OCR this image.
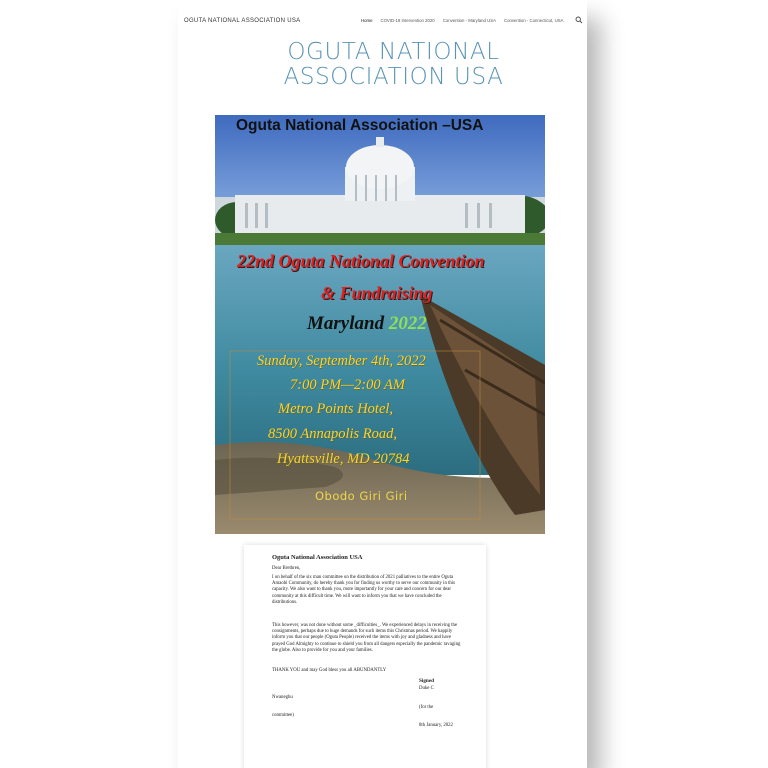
OGUTA NATIONAL ASSOCIATION USA	Home COVID-19 Intervention 2020 Convention - Maryland USA Convention - Connecticut, USA
OGUTA NATIONAL
ASSOCIATION USA
Oguta National Association –USA
22nd Oguta National Convention
& Fundraising
Maryland 2022
Sunday, September 4th, 2022
7:00 PM—2:00 AM
Metro Points Hotel,
8500 Annapolis Road,
Hyattsville, MD 20784
Obodo Giri Giri
Oguta National Association USA
Dear Brethren,
I on behalf of the six man committee on the distribution of 2021 palliatives to the entire Oguta Amaobi Community, do hereby thank you for finding us worthy to serve our community in this capacity. We also want to thank you, more importantly for your care and concern for our dear community at this difficult time. We will want to inform you that we have concluded the distributions.
This however, was not done without some _difficulties_. We experienced delays in receiving the consignments, perhaps due to huge demands for such items this Christmas period. We happily inform you that our people (Oguta People) received the items with joy and gladness and have prayed God Almighty to continue to shield you from all dangers especially the pandemic ravaging the globe. Also to provide for you and your families.
THANK YOU and may God bless you all ABUNDANTLY
Signed
Duke C
Nwaneghu
(for the
committee)
8th January, 2022
